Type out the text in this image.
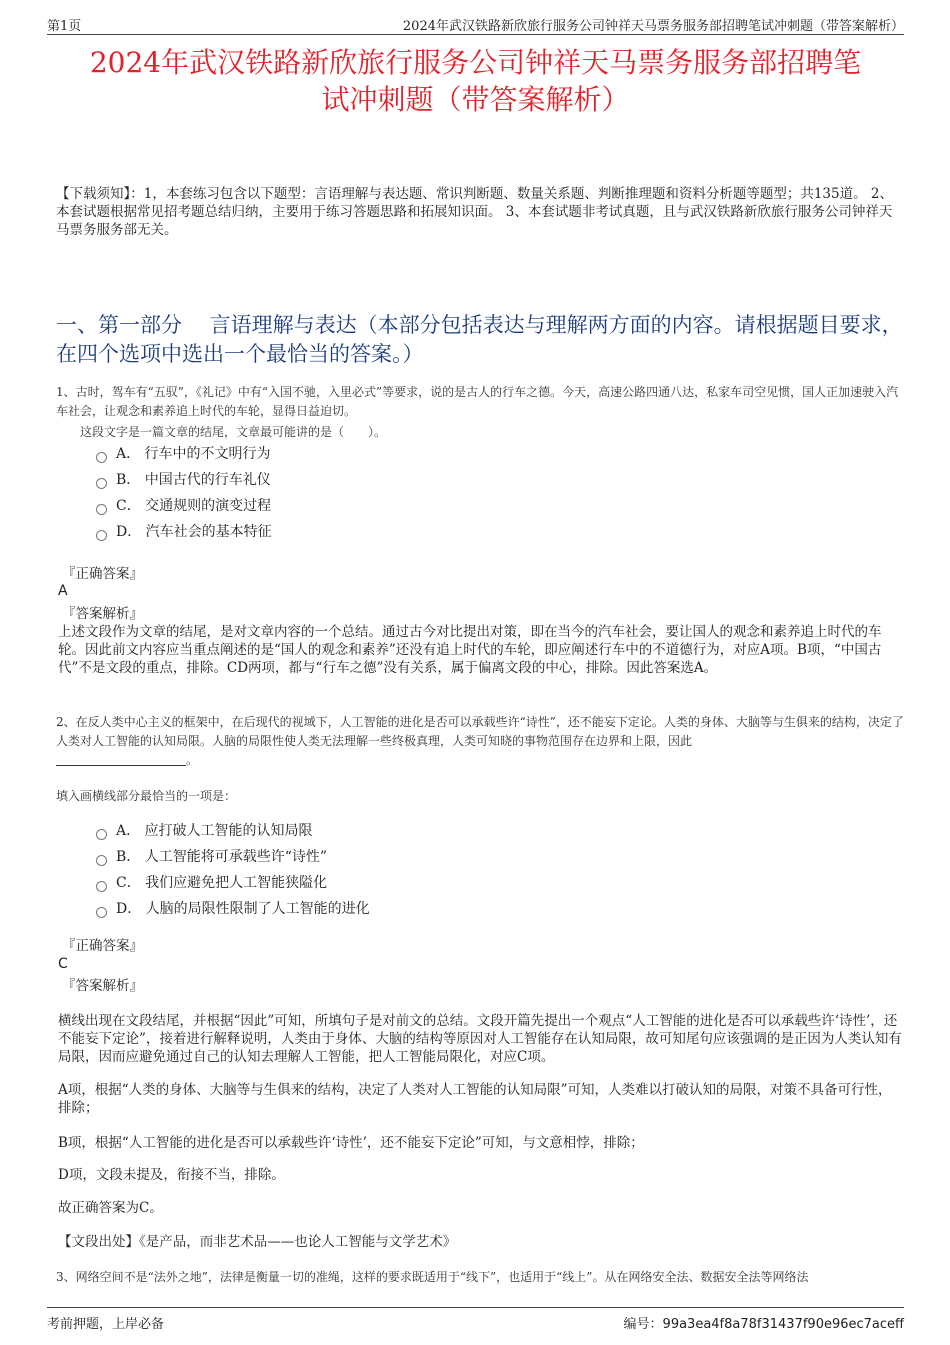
第1页	2024年武汉铁路新欣旅行服务公司钟祥天马票务服务部招聘笔试冲刺题（带答案解析）
2024年武汉铁路新欣旅行服务公司钟祥天马票务服务部招聘笔
试冲刺题（带答案解析）
【下载须知】：1，本套练习包含以下题型：言语理解与表达题、常识判断题、数量关系题、判断推理题和资料分析题等题型；共135道。 2、本套试题根据常见招考题总结归纳，主要用于练习答题思路和拓展知识面。 3、本套试题非考试真题，且与武汉铁路新欣旅行服务公司钟祥天马票务服务部无关。
一、第一部分　 言语理解与表达（本部分包括表达与理解两方面的内容。请根据题目要求，在四个选项中选出一个最恰当的答案。）
1、古时，驾车有“五驭”，《礼记》中有“入国不驰，入里必式”等要求，说的是古人的行车之德。今天，高速公路四通八达，私家车司空见惯，国人正加速驶入汽车社会，让观念和素养追上时代的车轮，显得日益迫切。
这段文字是一篇文章的结尾，文章最可能讲的是（　　）。
A． 行车中的不文明行为
B． 中国古代的行车礼仪
C． 交通规则的演变过程
D． 汽车社会的基本特征
『正确答案』
A
『答案解析』
上述文段作为文章的结尾，是对文章内容的一个总结。通过古今对比提出对策，即在当今的汽车社会，要让国人的观念和素养追上时代的车轮。因此前文内容应当重点阐述的是“国人的观念和素养”还没有追上时代的车轮，即应阐述行车中的不道德行为，对应A项。B项，“中国古代”不是文段的重点，排除。CD两项，都与“行车之德”没有关系，属于偏离文段的中心，排除。因此答案选A。
2、在反人类中心主义的框架中，在后现代的视域下，人工智能的进化是否可以承载些许“诗性”，还不能妄下定论。人类的身体、大脑等与生俱来的结构，决定了人类对人工智能的认知局限。人脑的局限性使人类无法理解一些终极真理，人类可知晓的事物范围存在边界和上限，因此
。
填入画横线部分最恰当的一项是：
A． 应打破人工智能的认知局限
B． 人工智能将可承载些许“诗性”
C． 我们应避免把人工智能狭隘化
D． 人脑的局限性限制了人工智能的进化
『正确答案』
C
『答案解析』
横线出现在文段结尾，并根据“因此”可知，所填句子是对前文的总结。文段开篇先提出一个观点“人工智能的进化是否可以承载些许‘诗性’，还不能妄下定论”，接着进行解释说明，人类由于身体、大脑的结构等原因对人工智能存在认知局限，故可知尾句应该强调的是正因为人类认知有局限，因而应避免通过自己的认知去理解人工智能，把人工智能局限化，对应C项。
A项，根据“人类的身体、大脑等与生俱来的结构，决定了人类对人工智能的认知局限”可知，人类难以打破认知的局限，对策不具备可行性，排除；
B项，根据“人工智能的进化是否可以承载些许‘诗性’，还不能妄下定论”可知，与文意相悖，排除；
D项，文段未提及，衔接不当，排除。
故正确答案为C。
【文段出处】《是产品，而非艺术品——也论人工智能与文学艺术》
3、网络空间不是“法外之地”，法律是衡量一切的准绳，这样的要求既适用于“线下”，也适用于“线上”。从在网络安全法、数据安全法等网络法
考前押题，上岸必备	编号：99a3ea4f8a78f31437f90e96ec7aceff
